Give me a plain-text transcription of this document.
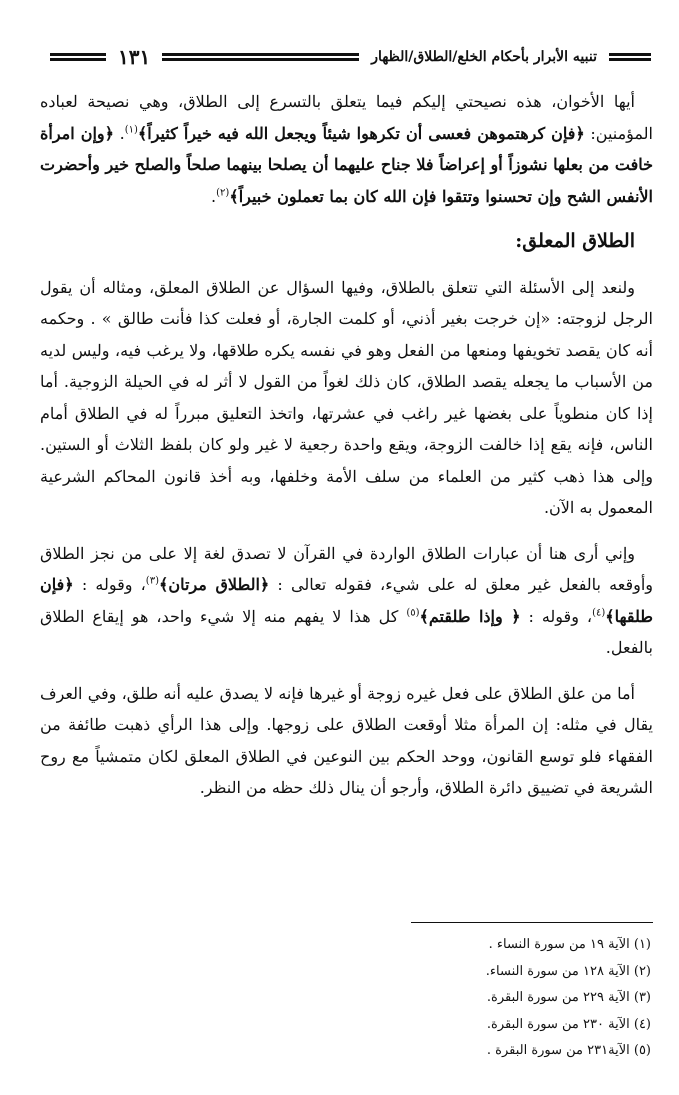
١٣١	تنبيه الأبرار بأحكام الخلع/الطلاق/الظهار

أيها الأخوان، هذه نصيحتي إليكم فيما يتعلق بالتسرع إلى الطلاق، وهي نصيحة لعباده المؤمنين: ﴿فإن كرهتموهن فعسى أن تكرهوا شيئاً ويجعل الله فيه خيراً كثيراً﴾$^{(١)}$. ﴿وإن امرأة خافت من بعلها نشوزاً أو إعراضاً فلا جناح عليهما أن يصلحا بينهما صلحاً والصلح خير وأحضرت الأنفس الشح وإن تحسنوا وتتقوا فإن الله كان بما تعملون خبيراً﴾$^{(٢)}$.

الطلاق المعلق:

ولنعد إلى الأسئلة التي تتعلق بالطلاق، وفيها السؤال عن الطلاق المعلق، ومثاله أن يقول الرجل لزوجته: «إن خرجت بغير أذني، أو كلمت الجارة، أو فعلت كذا فأنت طالق » . وحكمه أنه كان يقصد تخويفها ومنعها من الفعل وهو في نفسه يكره طلاقها، ولا يرغب فيه، وليس لديه من الأسباب ما يجعله يقصد الطلاق، كان ذلك لغواً من القول لا أثر له في الحيلة الزوجية. أما إذا كان منطوياً على بغضها غير راغب في عشرتها، واتخذ التعليق مبرراً له في الطلاق أمام الناس، فإنه يقع إذا خالفت الزوجة، ويقع واحدة رجعية لا غير ولو كان بلفظ الثلاث أو الستين. وإلى هذا ذهب كثير من العلماء من سلف الأمة وخلفها، وبه أخذ قانون المحاكم الشرعية المعمول به الآن.

وإني أرى هنا أن عبارات الطلاق الواردة في القرآن لا تصدق لغة إلا على من نجز الطلاق وأوقعه بالفعل غير معلق له على شيء، فقوله تعالى : ﴿الطلاق مرتان﴾$^{(٣)}$، وقوله : ﴿فإن طلقها﴾$^{(٤)}$، وقوله : ﴿ وإذا طلقتم﴾$^{(٥)}$ كل هذا لا يفهم منه إلا شيء واحد، هو إيقاع الطلاق بالفعل.

أما من علق الطلاق على فعل غيره زوجة أو غيرها فإنه لا يصدق عليه أنه طلق، وفي العرف يقال في مثله: إن المرأة مثلا أوقعت الطلاق على زوجها. وإلى هذا الرأي ذهبت طائفة من الفقهاء فلو توسع القانون، ووحد الحكم بين النوعين في الطلاق المعلق لكان متمشياً مع روح الشريعة في تضييق دائرة الطلاق، وأرجو أن ينال ذلك حظه من النظر.

(١) الآية ١٩ من سورة النساء .

(٢) الآية ١٢٨ من سورة النساء.

(٣) الآية ٢٢٩ من سورة البقرة.

(٤) الآية ٢٣٠ من سورة البقرة.

(٥) الآية٢٣١ من سورة البقرة .
